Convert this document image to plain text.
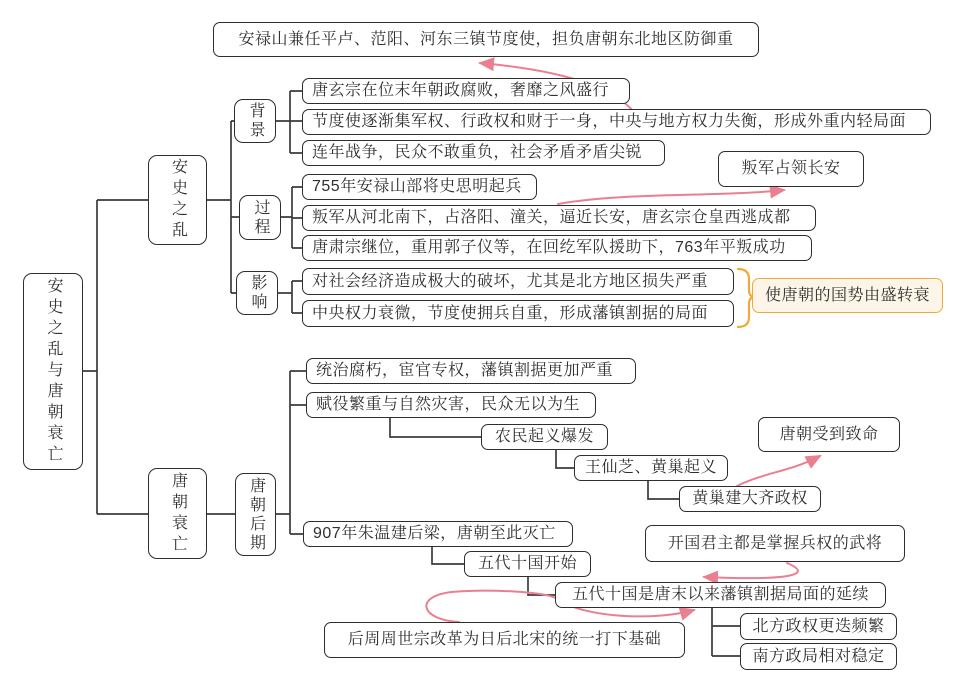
安禄山兼任平卢、范阳、河东三镇节度使，担负唐朝东北地区防御重
叛军占领长安
使唐朝的国势由盛转衰
唐朝受到致命
开国君主都是掌握兵权的武将
后周周世宗改革为日后北宋的统一打下基础
安史之乱与唐朝衰亡
安史之乱
唐朝衰亡
背景
过程
影响
唐朝后期
唐玄宗在位末年朝政腐败，奢靡之风盛行
节度使逐渐集军权、行政权和财于一身，中央与地方权力失衡，形成外重内轻局面
连年战争，民众不敢重负，社会矛盾矛盾尖锐
755年安禄山部将史思明起兵
叛军从河北南下，占洛阳、潼关，逼近长安，唐玄宗仓皇西逃成都
唐肃宗继位，重用郭子仪等，在回纥军队援助下，763年平叛成功
对社会经济造成极大的破坏，尤其是北方地区损失严重
中央权力衰微，节度使拥兵自重，形成藩镇割据的局面
统治腐朽，宦官专权，藩镇割据更加严重
赋役繁重与自然灾害，民众无以为生
907年朱温建后梁，唐朝至此灭亡
农民起义爆发
王仙芝、黄巢起义
黄巢建大齐政权
五代十国开始
五代十国是唐末以来藩镇割据局面的延续
北方政权更迭频繁
南方政局相对稳定
